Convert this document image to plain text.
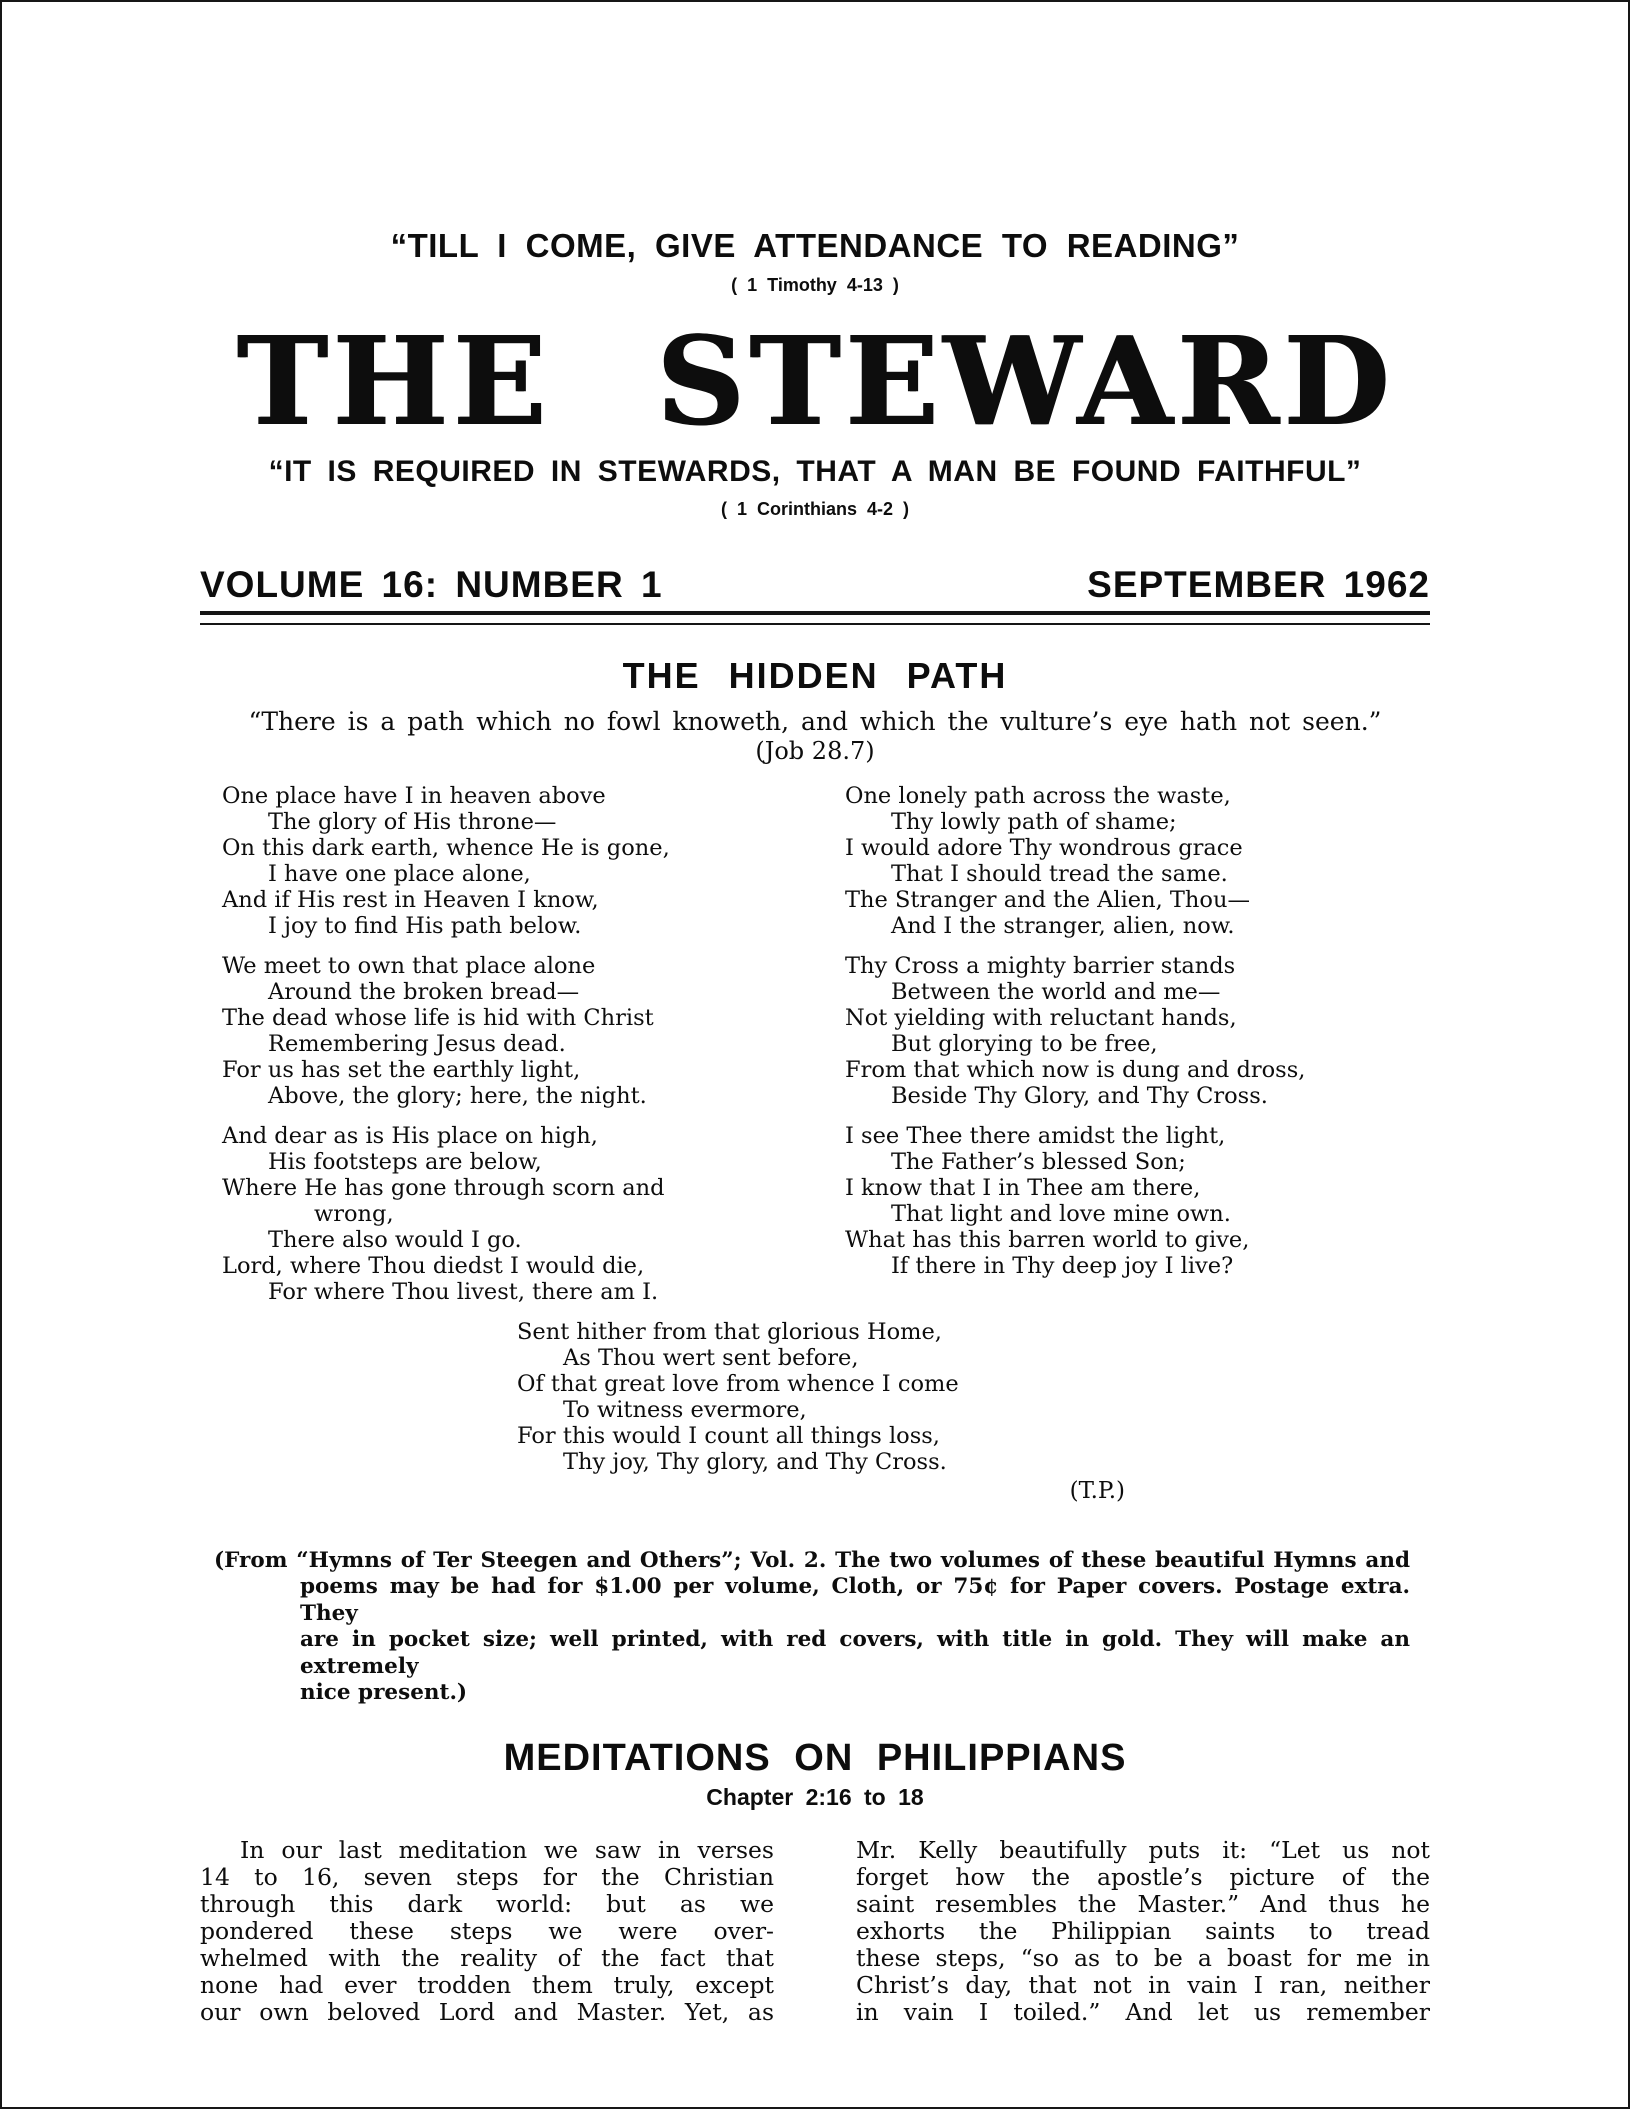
“TILL I COME, GIVE ATTENDANCE TO READING”
( 1 Timothy 4-13 )
THE STEWARD
“IT IS REQUIRED IN STEWARDS, THAT A MAN BE FOUND FAITHFUL”
( 1 Corinthians 4-2 )
VOLUME 16: NUMBER 1	SEPTEMBER 1962
THE HIDDEN PATH
“There is a path which no fowl knoweth, and which the vulture’s eye hath not seen.”
(Job 28.7)
One place have I in heaven above
The glory of His throne—
On this dark earth, whence He is gone,
I have one place alone,
And if His rest in Heaven I know,
I joy to find His path below.
We meet to own that place alone
Around the broken bread—
The dead whose life is hid with Christ
Remembering Jesus dead.
For us has set the earthly light,
Above, the glory; here, the night.
And dear as is His place on high,
His footsteps are below,
Where He has gone through scorn and
wrong,
There also would I go.
Lord, where Thou diedst I would die,
For where Thou livest, there am I.
One lonely path across the waste,
Thy lowly path of shame;
I would adore Thy wondrous grace
That I should tread the same.
The Stranger and the Alien, Thou—
And I the stranger, alien, now.
Thy Cross a mighty barrier stands
Between the world and me—
Not yielding with reluctant hands,
But glorying to be free,
From that which now is dung and dross,
Beside Thy Glory, and Thy Cross.
I see Thee there amidst the light,
The Father’s blessed Son;
I know that I in Thee am there,
That light and love mine own.
What has this barren world to give,
If there in Thy deep joy I live?
Sent hither from that glorious Home,
As Thou wert sent before,
Of that great love from whence I come
To witness evermore,
For this would I count all things loss,
Thy joy, Thy glory, and Thy Cross.
(T.P.)
(From “Hymns of Ter Steegen and Others”; Vol. 2. The two volumes of these beautiful Hymns and
poems may be had for $1.00 per volume, Cloth, or 75¢ for Paper covers. Postage extra. They
are in pocket size; well printed, with red covers, with title in gold. They will make an extremely
nice present.)
MEDITATIONS ON PHILIPPIANS
Chapter 2:16 to 18
In our last meditation we saw in verses
14 to 16, seven steps for the Christian
through this dark world: but as we
pondered these steps we were over-
whelmed with the reality of the fact that
none had ever trodden them truly, except
our own beloved Lord and Master. Yet, as
Mr. Kelly beautifully puts it: “Let us not
forget how the apostle’s picture of the
saint resembles the Master.” And thus he
exhorts the Philippian saints to tread
these steps, “so as to be a boast for me in
Christ’s day, that not in vain I ran, neither
in vain I toiled.” And let us remember
